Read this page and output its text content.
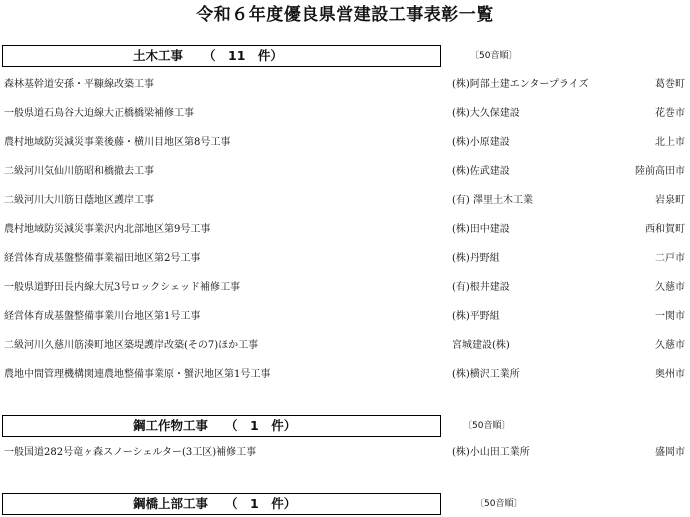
令和６年度優良県営建設工事表彰一覧
土木工事 （　11　件）	〔50音順〕
森林基幹道安孫・平糠線改築工事	(株)阿部土建エンタープライズ	葛巻町
一般県道石鳥谷大迫線大正橋橋梁補修工事	(株)大久保建設	花巻市
農村地域防災減災事業後藤・横川目地区第8号工事	(株)小原建設	北上市
二級河川気仙川筋昭和橋撤去工事	(株)佐武建設	陸前高田市
二級河川大川筋日蔭地区護岸工事	(有) 澤里土木工業	岩泉町
農村地域防災減災事業沢内北部地区第9号工事	(株)田中建設	西和賀町
経営体育成基盤整備事業福田地区第2号工事	(株)丹野組	二戸市
一般県道野田長内線大尻3号ロックシェッド補修工事	(有)根井建設	久慈市
経営体育成基盤整備事業川台地区第1号工事	(株)平野組	一関市
二級河川久慈川筋湊町地区築堤護岸改築(その7)ほか工事	宮城建設(株)	久慈市
農地中間管理機構関連農地整備事業原・蟹沢地区第1号工事	(株)横沢工業所	奥州市
鋼工作物工事 （　1　件）	〔50音順〕
一般国道282号竜ヶ森スノーシェルター(3工区)補修工事	(株)小山田工業所	盛岡市
鋼橋上部工事 （　1　件）	〔50音順〕
